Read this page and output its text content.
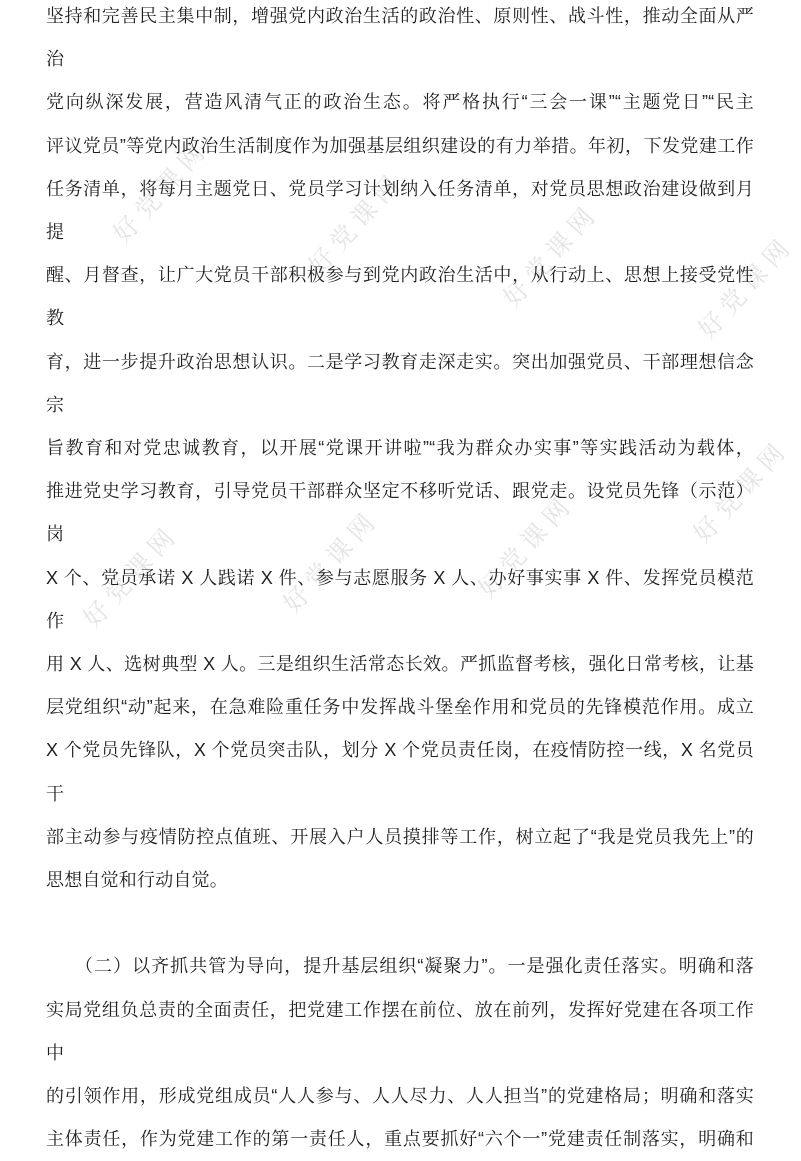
好党课网	好党课网	好党课网	好党课网
好党课网	好党课网	好党课网	好党课网
坚持和完善民主集中制，增强党内政治生活的政治性、原则性、战斗性，推动全面从严治
党向纵深发展，营造风清气正的政治生态。将严格执行“三会一课”“主题党日”“民主
评议党员”等党内政治生活制度作为加强基层组织建设的有力举措。年初，下发党建工作
任务清单，将每月主题党日、党员学习计划纳入任务清单，对党员思想政治建设做到月提
醒、月督查，让广大党员干部积极参与到党内政治生活中，从行动上、思想上接受党性教
育，进一步提升政治思想认识。二是学习教育走深走实。突出加强党员、干部理想信念宗
旨教育和对党忠诚教育，以开展“党课开讲啦”“我为群众办实事”等实践活动为载体，
推进党史学习教育，引导党员干部群众坚定不移听党话、跟党走。设党员先锋（示范）岗
X 个、党员承诺 X 人践诺 X 件、参与志愿服务 X 人、办好事实事 X 件、发挥党员模范作
用 X 人、选树典型 X 人。三是组织生活常态长效。严抓监督考核，强化日常考核，让基
层党组织“动”起来，在急难险重任务中发挥战斗堡垒作用和党员的先锋模范作用。成立
X 个党员先锋队，X 个党员突击队，划分 X 个党员责任岗，在疫情防控一线，X 名党员干
部主动参与疫情防控点值班、开展入户人员摸排等工作，树立起了“我是党员我先上”的
思想自觉和行动自觉。
　　（二）以齐抓共管为导向，提升基层组织“凝聚力”。一是强化责任落实。明确和落
实局党组负总责的全面责任，把党建工作摆在前位、放在前列，发挥好党建在各项工作中
的引领作用，形成党组成员“人人参与、人人尽力、人人担当”的党建格局；明确和落实
主体责任，作为党建工作的第一责任人，重点要抓好“六个一”党建责任制落实，明确和
